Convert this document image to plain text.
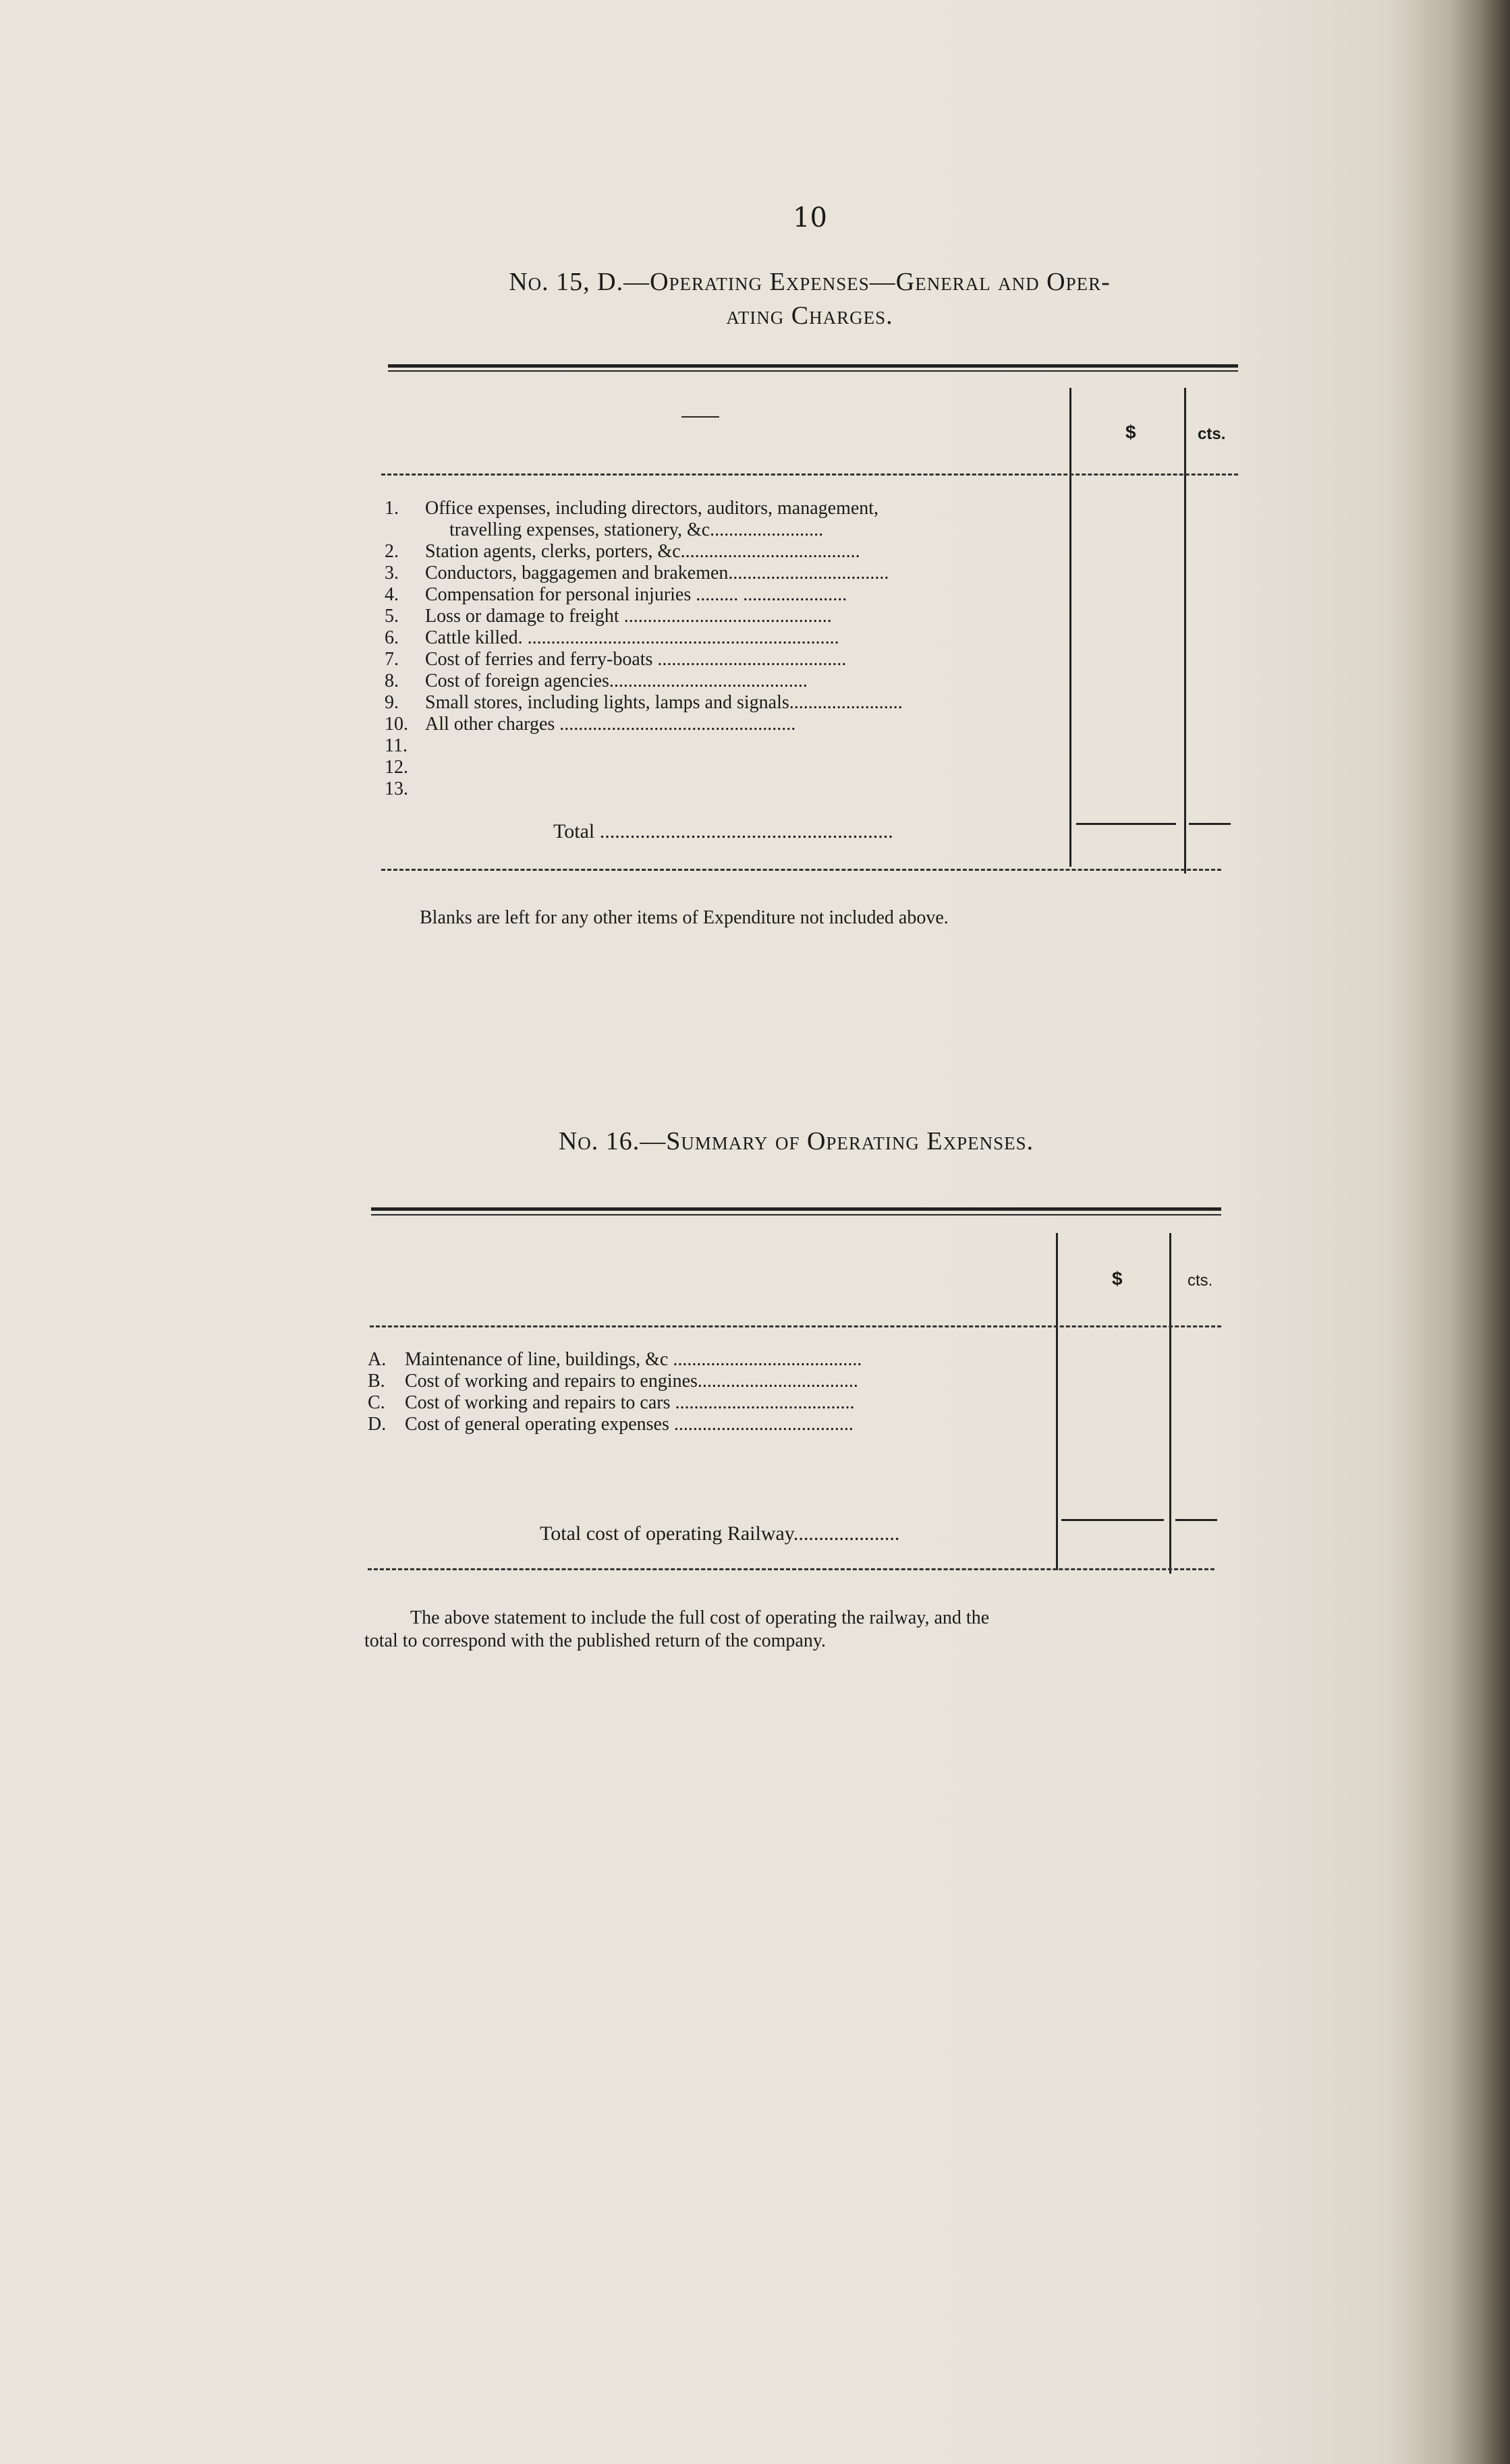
10
No. 15, D.—Operating Expenses—General and Oper-
ating Charges.
——
$	cts.
1. Office expenses, including directors, auditors, management,
travelling expenses, stationery, &c........................
2. Station agents, clerks, porters, &c......................................
3. Conductors, baggagemen and brakemen..................................
4. Compensation for personal injuries ......... ......................
5. Loss or damage to freight ............................................
6. Cattle killed. ..................................................................
7. Cost of ferries and ferry-boats ........................................
8. Cost of foreign agencies..........................................
9. Small stores, including lights, lamps and signals........................
10. All other charges ..................................................
11.
12.
13.
Total ..........................................................
Blanks are left for any other items of Expenditure not included above.
No. 16.—Summary of Operating Expenses.
$	cts.
A. Maintenance of line, buildings, &c ........................................
B. Cost of working and repairs to engines..................................
C. Cost of working and repairs to cars ......................................
D. Cost of general operating expenses ......................................
Total cost of operating Railway.....................
The above statement to include the full cost of operating the railway, and the
total to correspond with the published return of the company.
